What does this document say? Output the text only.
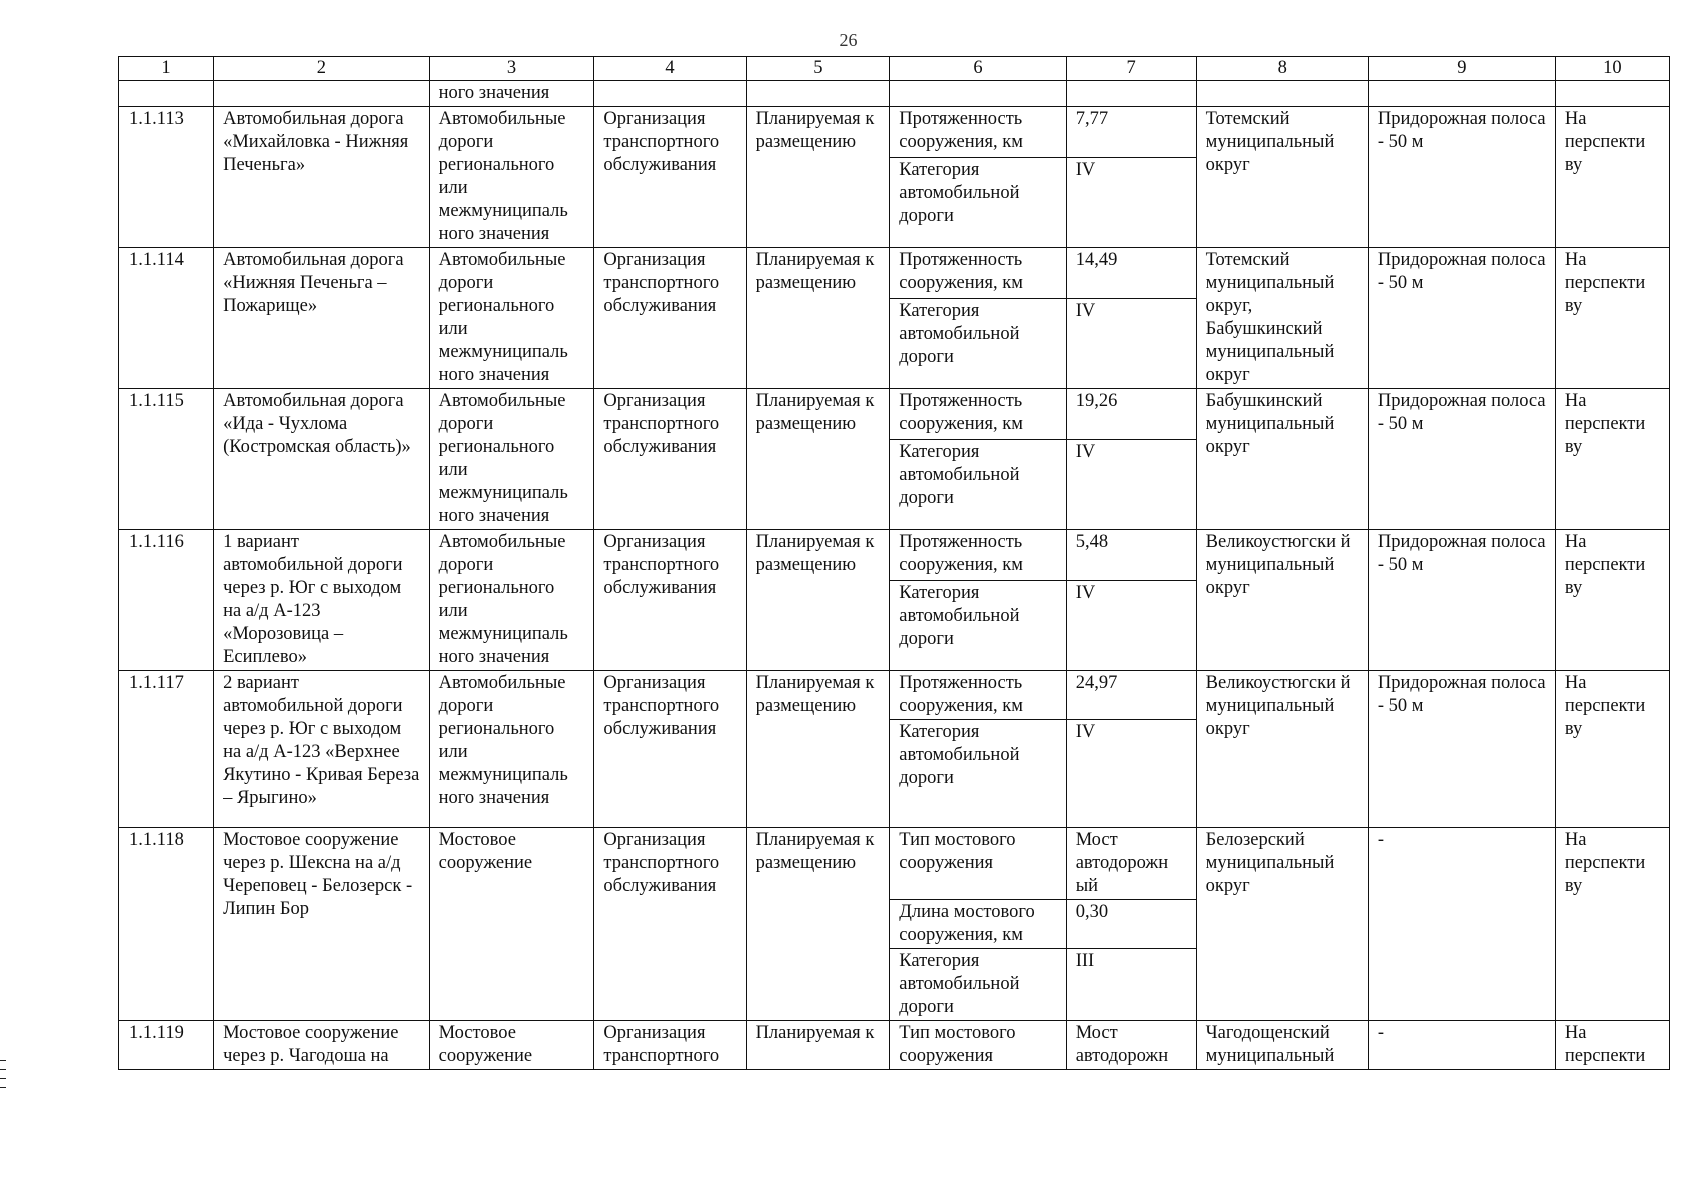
26
1	2	3	4	5	6	7	8	9	10
		ного значения							
1.1.113	Автомобильная дорога «Михайловка - Нижняя Печеньга»	Автомобильные дороги регионального или межмуниципаль ного значения	Организация транспортного обслуживания	Планируемая к размещению	Протяженность сооружения, км	7,77	Тотемский муниципальный округ	Придорожная полоса - 50 м	На перспекти ву
					Категория автомобильной дороги	IV			
1.1.114	Автомобильная дорога «Нижняя Печеньга – Пожарище»	Автомобильные дороги регионального или межмуниципаль ного значения	Организация транспортного обслуживания	Планируемая к размещению	Протяженность сооружения, км	14,49	Тотемский муниципальный округ, Бабушкинский муниципальный округ	Придорожная полоса - 50 м	На перспекти ву
					Категория автомобильной дороги	IV			
1.1.115	Автомобильная дорога «Ида - Чухлома (Костромская область)»	Автомобильные дороги регионального или межмуниципаль ного значения	Организация транспортного обслуживания	Планируемая к размещению	Протяженность сооружения, км	19,26	Бабушкинский муниципальный округ	Придорожная полоса - 50 м	На перспекти ву
					Категория автомобильной дороги	IV			
1.1.116	1 вариант автомобильной дороги через р. Юг с выходом на а/д А-123 «Морозовица – Есиплево»	Автомобильные дороги регионального или межмуниципаль ного значения	Организация транспортного обслуживания	Планируемая к размещению	Протяженность сооружения, км	5,48	Великоустюгски й муниципальный округ	Придорожная полоса - 50 м	На перспекти ву
					Категория автомобильной дороги	IV			
1.1.117	2 вариант автомобильной дороги через р. Юг с выходом на а/д А-123 «Верхнее Якутино - Кривая Береза – Ярыгино»	Автомобильные дороги регионального или межмуниципаль ного значения	Организация транспортного обслуживания	Планируемая к размещению	Протяженность сооружения, км	24,97	Великоустюгски й муниципальный округ	Придорожная полоса - 50 м	На перспекти ву
					Категория автомобильной дороги	IV			
1.1.118	Мостовое сооружение через р. Шексна на а/д Череповец - Белозерск - Липин Бор	Мостовое сооружение	Организация транспортного обслуживания	Планируемая к размещению	Тип мостового сооружения	Мост автодорожн ый	Белозерский муниципальный округ	-	На перспекти ву
					Длина мостового сооружения, км	0,30			
					Категория автомобильной дороги	III			
1.1.119	Мостовое сооружение через р. Чагодоша на	Мостовое сооружение	Организация транспортного	Планируемая к	Тип мостового сооружения	Мост автодорожн	Чагодощенский муниципальный	-	На перспекти
